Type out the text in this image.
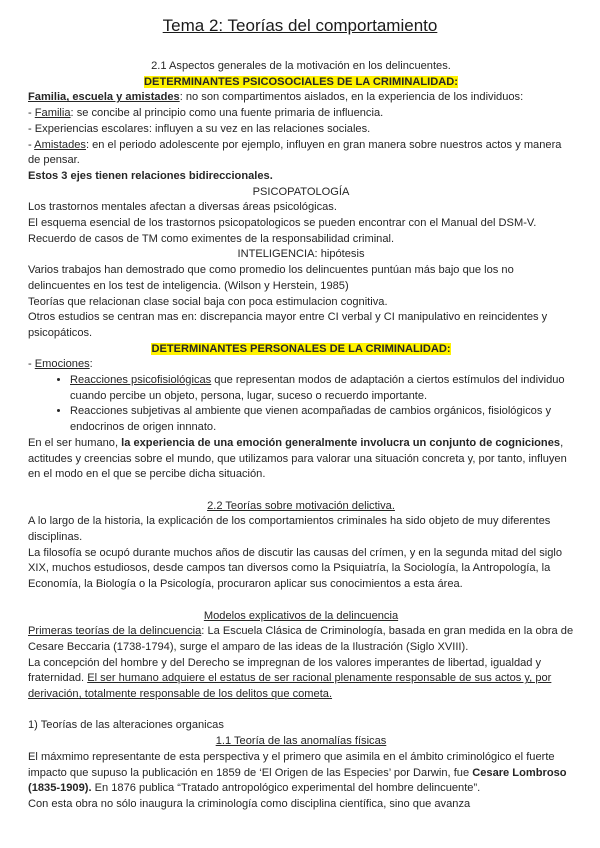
Tema 2: Teorías del comportamiento
2.1 Aspectos generales de la motivación en los delincuentes.
DETERMINANTES PSICOSOCIALES DE LA CRIMINALIDAD:
Familia, escuela y amistades: no son compartimentos aislados, en la experiencia de los individuos:
- Familia: se concibe al principio como una fuente primaria de influencia.
- Experiencias escolares: influyen a su vez en las relaciones sociales.
- Amistades: en el periodo adolescente por ejemplo, influyen en gran manera sobre nuestros actos y manera de pensar.
Estos 3 ejes tienen relaciones bidireccionales.
PSICOPATOLOGÍA
Los trastornos mentales afectan a diversas áreas psicológicas.
El esquema esencial de los trastornos psicopatologicos se pueden encontrar con el Manual del DSM-V.
Recuerdo de casos de TM como eximentes de la responsabilidad criminal.
INTELIGENCIA: hipótesis
Varios trabajos han demostrado que como promedio los delincuentes puntúan más bajo que los no delincuentes en los test de inteligencia. (Wilson y Herstein, 1985)
Teorías que relacionan clase social baja con poca estimulacion cognitiva.
Otros estudios se centran mas en: discrepancia mayor entre CI verbal y CI manipulativo en reincidentes y psicopáticos.
DETERMINANTES PERSONALES DE LA CRIMINALIDAD:
- Emociones:
• Reacciones psicofisiológicas que representan modos de adaptación a ciertos estímulos del individuo cuando percibe un objeto, persona, lugar, suceso o recuerdo importante.
• Reacciones subjetivas al ambiente que vienen acompañadas de cambios orgánicos, fisiológicos y endocrinos de origen innnato.
En el ser humano, la experiencia de una emoción generalmente involucra un conjunto de cogniciones, actitudes y creencias sobre el mundo, que utilizamos para valorar una situación concreta y, por tanto, influyen en el modo en el que se percibe dicha situación.
2.2 Teorías sobre motivación delictiva.
A lo largo de la historia, la explicación de los comportamientos criminales ha sido objeto de muy diferentes disciplinas.
La filosofía se ocupó durante muchos años de discutir las causas del crímen, y en la segunda mitad del siglo XIX, muchos estudiosos, desde campos tan diversos como la Psiquiatría, la Sociología, la Antropología, la Economía, la Biología o la Psicología, procuraron aplicar sus conocimientos a esta área.
Modelos explicativos de la delincuencia
Primeras teorías de la delincuencia: La Escuela Clásica de Criminología, basada en gran medida en la obra de Cesare Beccaria (1738-1794), surge el amparo de las ideas de la Ilustración (Siglo XVIII).
La concepción del hombre y del Derecho se impregnan de los valores imperantes de libertad, igualdad y fraternidad. El ser humano adquiere el estatus de ser racional plenamente responsable de sus actos y, por derivación, totalmente responsable de los delitos que cometa.
1) Teorías de las alteraciones organicas
1.1 Teoría de las anomalías físicas
El máxmimo representante de esta perspectiva y el primero que asimila en el ámbito criminológico el fuerte impacto que supuso la publicación en 1859 de ‘El Origen de las Especies’ por Darwin, fue Cesare Lombroso (1835-1909). En 1876 publica “Tratado antropológico experimental del hombre delincuente”.
Con esta obra no sólo inaugura la criminología como disciplina científica, sino que avanza
